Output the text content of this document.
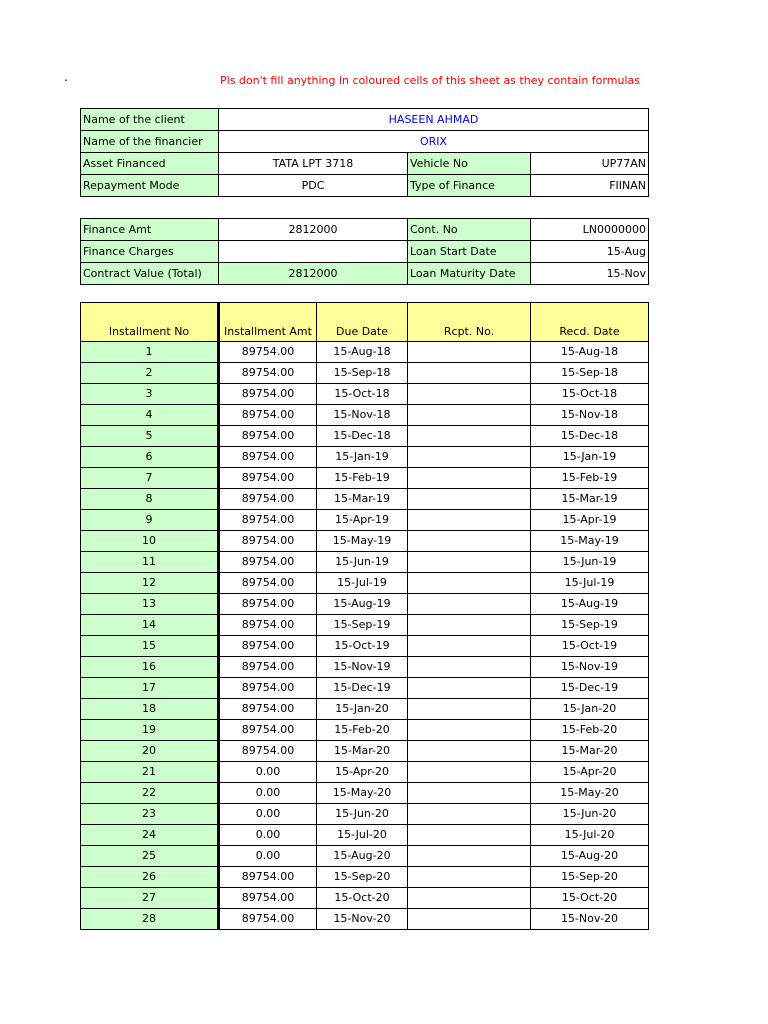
.	Pls don't fill anything in coloured cells of this sheet as they contain formulas
Name of the client	HASEEN AHMAD		
Name of the financier	ORIX		
Asset Financed	TATA LPT 3718	Vehicle No	UP77AN
Repayment Mode	PDC	Type of Finance	FIINAN
Finance Amt	2812000	Cont. No	LN0000000
Finance Charges		Loan Start Date	15-Aug
Contract Value (Total)	2812000	Loan Maturity Date	15-Nov
Installment No	Installment Amt	Due Date	Rcpt. No.	Recd. Date
1	89754.00	15-Aug-18		15-Aug-18
2	89754.00	15-Sep-18		15-Sep-18
3	89754.00	15-Oct-18		15-Oct-18
4	89754.00	15-Nov-18		15-Nov-18
5	89754.00	15-Dec-18		15-Dec-18
6	89754.00	15-Jan-19		15-Jan-19
7	89754.00	15-Feb-19		15-Feb-19
8	89754.00	15-Mar-19		15-Mar-19
9	89754.00	15-Apr-19		15-Apr-19
10	89754.00	15-May-19		15-May-19
11	89754.00	15-Jun-19		15-Jun-19
12	89754.00	15-Jul-19		15-Jul-19
13	89754.00	15-Aug-19		15-Aug-19
14	89754.00	15-Sep-19		15-Sep-19
15	89754.00	15-Oct-19		15-Oct-19
16	89754.00	15-Nov-19		15-Nov-19
17	89754.00	15-Dec-19		15-Dec-19
18	89754.00	15-Jan-20		15-Jan-20
19	89754.00	15-Feb-20		15-Feb-20
20	89754.00	15-Mar-20		15-Mar-20
21	0.00	15-Apr-20		15-Apr-20
22	0.00	15-May-20		15-May-20
23	0.00	15-Jun-20		15-Jun-20
24	0.00	15-Jul-20		15-Jul-20
25	0.00	15-Aug-20		15-Aug-20
26	89754.00	15-Sep-20		15-Sep-20
27	89754.00	15-Oct-20		15-Oct-20
28	89754.00	15-Nov-20		15-Nov-20
